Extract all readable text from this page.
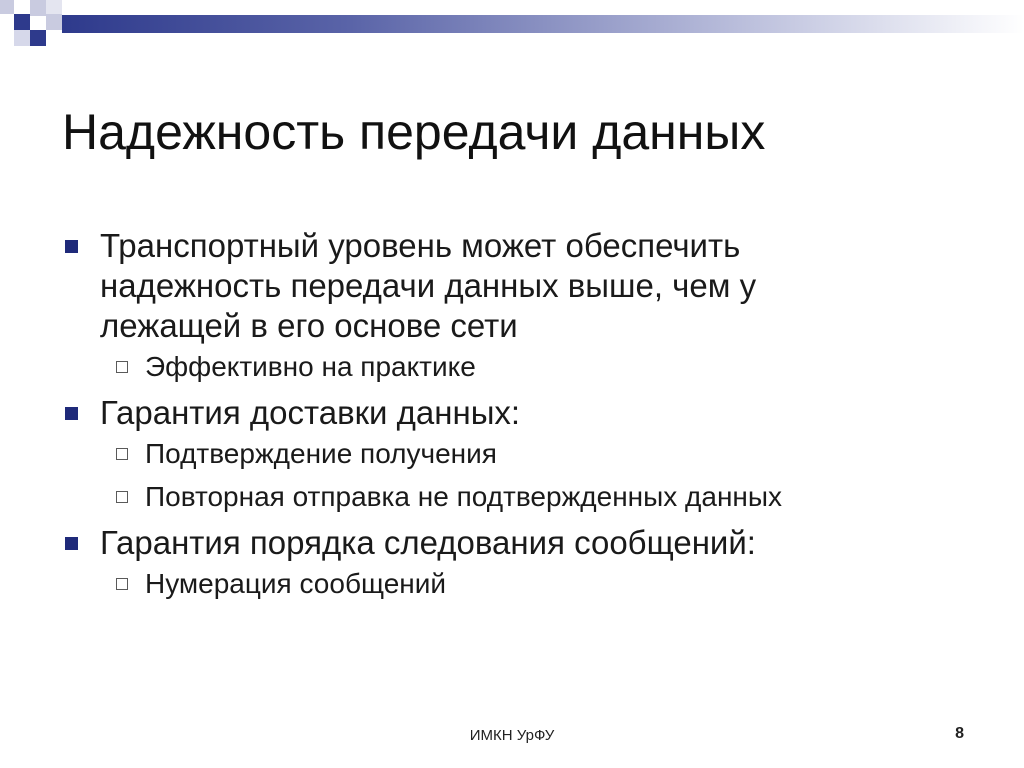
Надежность передачи данных
Транспортный уровень может обеспечить
надежность передачи данных выше, чем у
лежащей в его основе сети
Эффективно на практике
Гарантия доставки данных:
Подтверждение получения
Повторная отправка не подтвержденных данных
Гарантия порядка следования сообщений:
Нумерация сообщений
ИМКН УрФУ	8
